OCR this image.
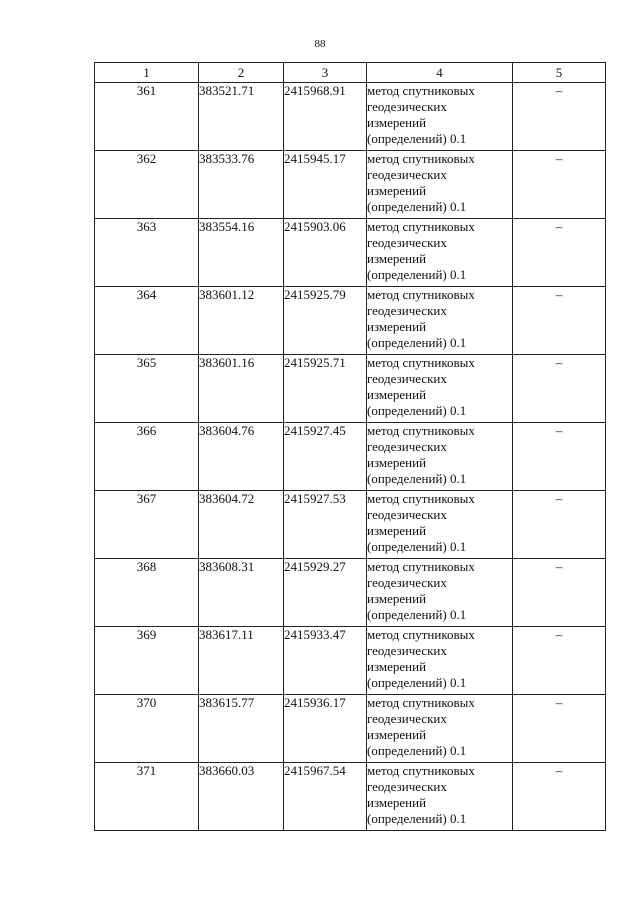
88
1	2	3	4	5
361	383521.71	2415968.91	метод спутниковых
геодезических
измерений
(определений) 0.1	–
362	383533.76	2415945.17	метод спутниковых
геодезических
измерений
(определений) 0.1	–
363	383554.16	2415903.06	метод спутниковых
геодезических
измерений
(определений) 0.1	–
364	383601.12	2415925.79	метод спутниковых
геодезических
измерений
(определений) 0.1	–
365	383601.16	2415925.71	метод спутниковых
геодезических
измерений
(определений) 0.1	–
366	383604.76	2415927.45	метод спутниковых
геодезических
измерений
(определений) 0.1	–
367	383604.72	2415927.53	метод спутниковых
геодезических
измерений
(определений) 0.1	–
368	383608.31	2415929.27	метод спутниковых
геодезических
измерений
(определений) 0.1	–
369	383617.11	2415933.47	метод спутниковых
геодезических
измерений
(определений) 0.1	–
370	383615.77	2415936.17	метод спутниковых
геодезических
измерений
(определений) 0.1	–
371	383660.03	2415967.54	метод спутниковых
геодезических
измерений
(определений) 0.1	–
